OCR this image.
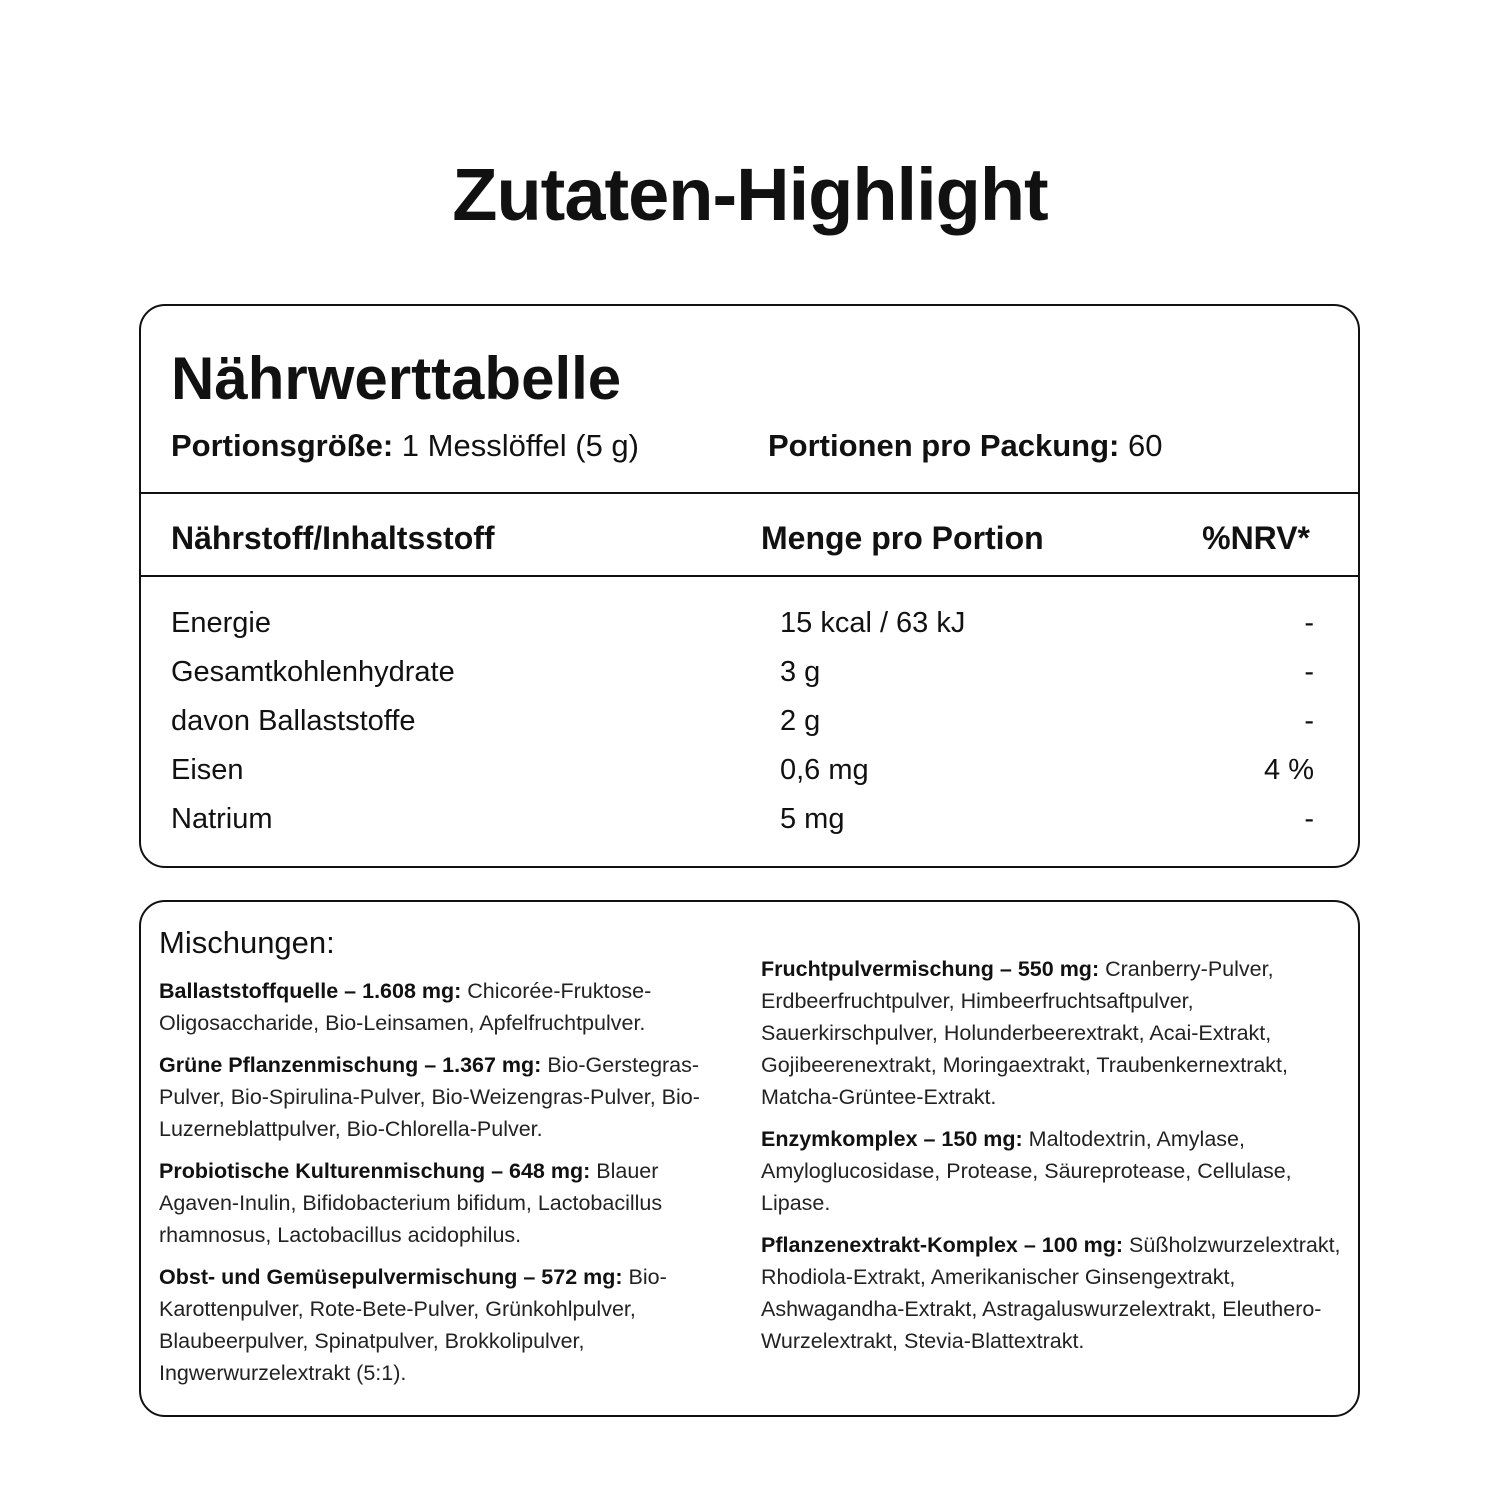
Zutaten-Highlight
Nährwerttabelle
Portionsgröße: 1 Messlöffel (5 g)	Portionen pro Packung: 60
Nährstoff/Inhaltsstoff	Menge pro Portion	%NRV*
Energie	15 kcal / 63 kJ	-
Gesamtkohlenhydrate	3 g	-
davon Ballaststoffe	2 g	-
Eisen	0,6 mg	4 %
Natrium	5 mg	-
Mischungen:

Ballaststoffquelle – 1.608 mg: Chicorée-Fruktose-Oligosaccharide, Bio-Leinsamen, Apfelfruchtpulver.

Grüne Pflanzenmischung – 1.367 mg: Bio-Gerstegras-Pulver, Bio-Spirulina-Pulver, Bio-Weizengras-Pulver, Bio-Luzerneblattpulver, Bio-Chlorella-Pulver.

Probiotische Kulturenmischung – 648 mg: Blauer Agaven-Inulin, Bifidobacterium bifidum, Lactobacillus rhamnosus, Lactobacillus acidophilus.

Obst- und Gemüsepulvermischung – 572 mg: Bio-Karottenpulver, Rote-Bete-Pulver, Grünkohlpulver, Blaubeerpulver, Spinatpulver, Brokkolipulver, Ingwerwurzelextrakt (5:1).

Fruchtpulvermischung – 550 mg: Cranberry-Pulver, Erdbeerfruchtpulver, Himbeerfruchtsaftpulver, Sauerkirschpulver, Holunderbeerextrakt, Acai-Extrakt, Gojibeerenextrakt, Moringaextrakt, Traubenkernextrakt, Matcha-Grüntee-Extrakt.

Enzymkomplex – 150 mg: Maltodextrin, Amylase, Amyloglucosidase, Protease, Säureprotease, Cellulase, Lipase.

Pflanzenextrakt-Komplex – 100 mg: Süßholzwurzelextrakt, Rhodiola-Extrakt, Amerikanischer Ginsengextrakt, Ashwagandha-Extrakt, Astragaluswurzelextrakt, Eleuthero-Wurzelextrakt, Stevia-Blattextrakt.
